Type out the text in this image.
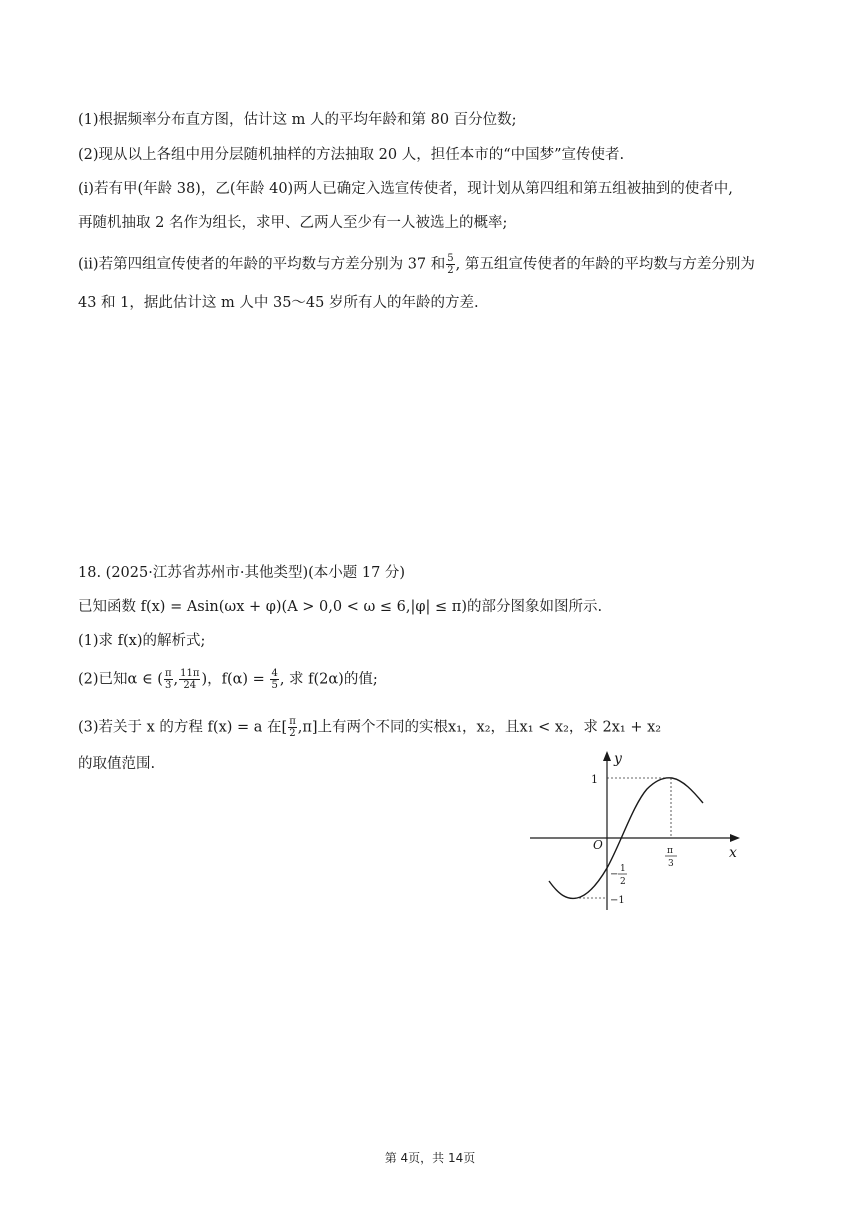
(1)根据频率分布直方图，估计这 m 人的平均年龄和第 80 百分位数;
(2)现从以上各组中用分层随机抽样的方法抽取 20 人，担任本市的“中国梦”宣传使者.
(ⅰ)若有甲(年龄 38)，乙(年龄 40)两人已确定入选宣传使者，现计划从第四组和第五组被抽到的使者中,
再随机抽取 2 名作为组长，求甲、乙两人至少有一人被选上的概率;
(ⅱ)若第四组宣传使者的年龄的平均数与方差分别为 37 和 $\frac{5}{2}$ , 第五组宣传使者的年龄的平均数与方差分别为
43 和 1，据此估计这 m 人中 35～45 岁所有人的年龄的方差.
18. (2025·江苏省苏州市·其他类型)(本小题 17 分)
已知函数 f(x) = Asin(ωx + φ)(A > 0,0 < ω ≤ 6,|φ| ≤ π)的部分图象如图所示.
(1)求 f(x)的解析式;
(2)已知α ∈ ( $\frac{\pi}{3}$ , $\frac{11\pi}{24}$ )，$f(\alpha) = \frac{4}{5}$ , 求 f(2α)的值;
(3)若关于 x 的方程 f(x) = a 在[ $\frac{\pi}{2} ,\pi$]上有两个不同的实根x₁，x₂，且x₁ < x₂，求 2x₁ + x₂
的取值范围.	y
x
O
1
−1
− 1
2
π
3
第 4页，共 14页
